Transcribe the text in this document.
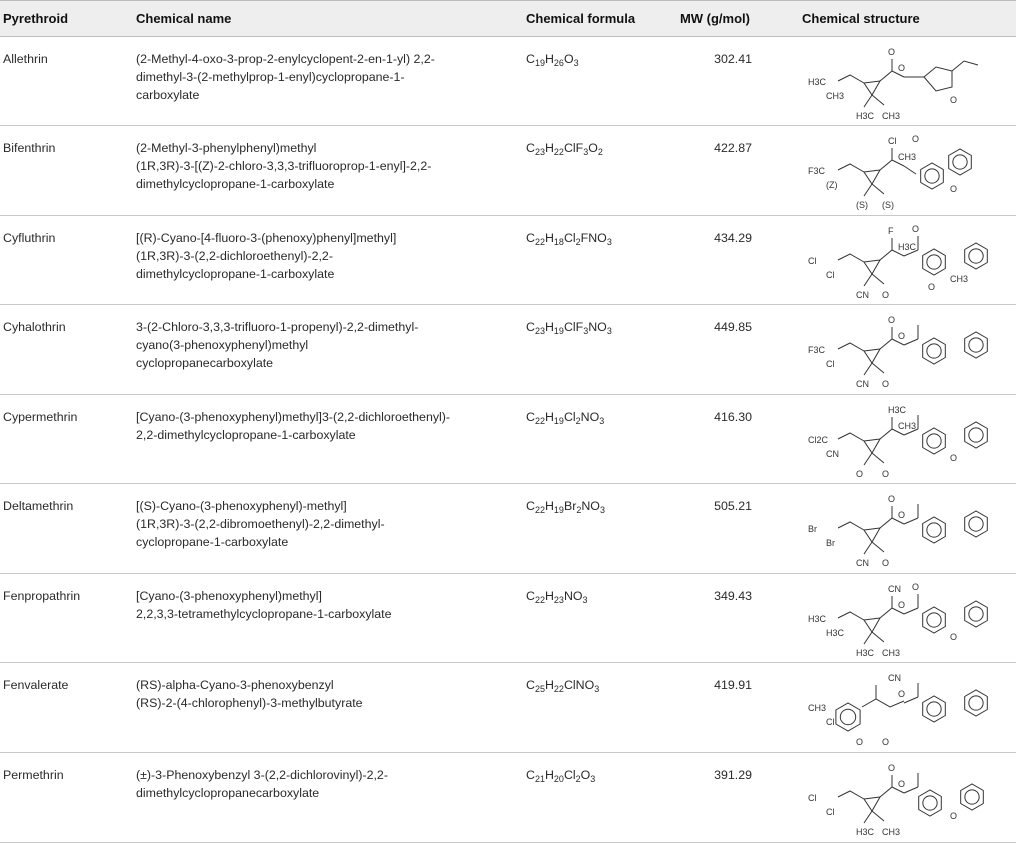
Pyrethroid	Chemical name	Chemical formula	MW (g/mol)	Chemical structure
Allethrin	(2-Methyl-4-oxo-3-prop-2-enylcyclopent-2-en-1-yl) 2,2-
dimethyl-3-(2-methylprop-1-enyl)cyclopropane-1-
carboxylate
$C_{19}H_{26}O_3$	302.41
H3C
CH3
H3C CH3
O
O
O
Bifenthrin	(2-Methyl-3-phenylphenyl)methyl
(1R,3R)-3-[(Z)-2-chloro-3,3,3-trifluoroprop-1-enyl]-2,2-
dimethylcyclopropane-1-carboxylate
$C_{23}H_{22}ClF_3O_2$	422.87
F3C
(Z)
(S) (S)
Cl
CH3
O
O
Cyfluthrin	[(R)-Cyano-[4-fluoro-3-(phenoxy)phenyl]methyl]
(1R,3R)-3-(2,2-dichloroethenyl)-2,2-
dimethylcyclopropane-1-carboxylate
$C_{22}H_{18}Cl_2FNO_3$	434.29
Cl
Cl
CN O
F
H3C
CH3
O
O
Cyhalothrin	3-(2-Chloro-3,3,3-trifluoro-1-propenyl)-2,2-dimethyl-
cyano(3-phenoxyphenyl)methyl
cyclopropanecarboxylate
$C_{23}H_{19}ClF_3NO_3$	449.85
F3C
Cl
CN O
O
O
Cypermethrin	[Cyano-(3-phenoxyphenyl)methyl]3-(2,2-dichloroethenyl)-
2,2-dimethylcyclopropane-1-carboxylate
$C_{22}H_{19}Cl_2NO_3$	416.30
Cl2C
CN
O O
H3C
CH3
O
Deltamethrin	[(S)-Cyano-(3-phenoxyphenyl)-methyl]
(1R,3R)-3-(2,2-dibromoethenyl)-2,2-dimethyl-
cyclopropane-1-carboxylate
$C_{22}H_{19}Br_2NO_3$	505.21
Br
Br
CN O
O
O
Fenpropathrin	[Cyano-(3-phenoxyphenyl)methyl]
2,2,3,3-tetramethylcyclopropane-1-carboxylate
$C_{22}H_{23}NO_3$	349.43
H3C
H3C
H3C CH3
CN
O
O
O
Fenvalerate	(RS)-alpha-Cyano-3-phenoxybenzyl
(RS)-2-(4-chlorophenyl)-3-methylbutyrate
$C_{25}H_{22}ClNO_3$	419.91
CH3
Cl
O O
CN
O
Permethrin	(±)-3-Phenoxybenzyl 3-(2,2-dichlorovinyl)-2,2-
dimethylcyclopropanecarboxylate
$C_{21}H_{20}Cl_2O_3$	391.29
Cl
Cl
H3C CH3
O
O
O
